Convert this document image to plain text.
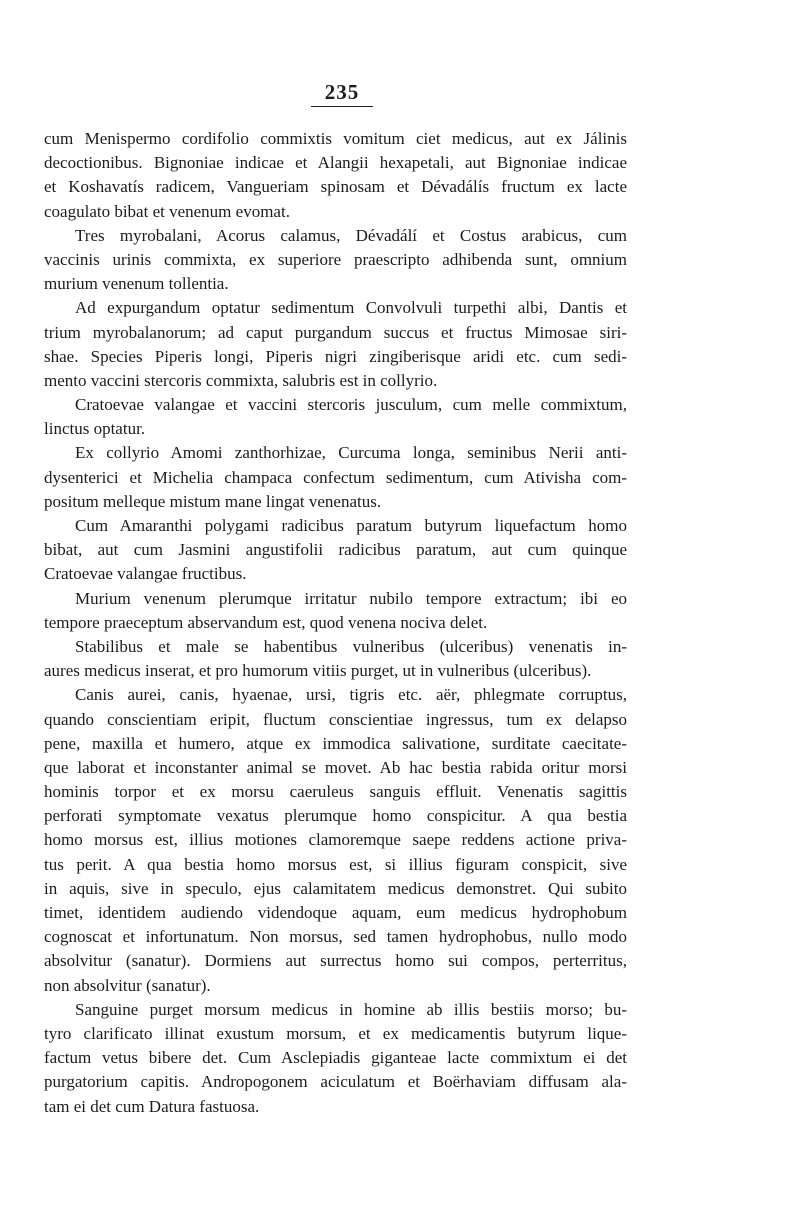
235
cum Menispermo cordifolio commixtis vomitum ciet medicus, aut ex Jálinis
decoctionibus. Bignoniae indicae et Alangii hexapetali, aut Bignoniae indicae
et Koshavatís radicem, Vangueriam spinosam et Dévadálís fructum ex lacte
coagulato bibat et venenum evomat.
Tres myrobalani, Acorus calamus, Dévadálí et Costus arabicus, cum
vaccinis urinis commixta, ex superiore praescripto adhibenda sunt, omnium
murium venenum tollentia.
Ad expurgandum optatur sedimentum Convolvuli turpethi albi, Dantis et
trium myrobalanorum; ad caput purgandum succus et fructus Mimosae siri-
shae. Species Piperis longi, Piperis nigri zingiberisque aridi etc. cum sedi-
mento vaccini stercoris commixta, salubris est in collyrio.
Cratoevae valangae et vaccini stercoris jusculum, cum melle commixtum,
linctus optatur.
Ex collyrio Amomi zanthorhizae, Curcuma longa, seminibus Nerii anti-
dysenterici et Michelia champaca confectum sedimentum, cum Ativisha com-
positum melleque mistum mane lingat venenatus.
Cum Amaranthi polygami radicibus paratum butyrum liquefactum homo
bibat, aut cum Jasmini angustifolii radicibus paratum, aut cum quinque
Cratoevae valangae fructibus.
Murium venenum plerumque irritatur nubilo tempore extractum; ibi eo
tempore praeceptum abservandum est, quod venena nociva delet.
Stabilibus et male se habentibus vulneribus (ulceribus) venenatis in-
aures medicus inserat, et pro humorum vitiis purget, ut in vulneribus (ulceribus).
Canis aurei, canis, hyaenae, ursi, tigris etc. aër, phlegmate corruptus,
quando conscientiam eripit, fluctum conscientiae ingressus, tum ex delapso
pene, maxilla et humero, atque ex immodica salivatione, surditate caecitate-
que laborat et inconstanter animal se movet. Ab hac bestia rabida oritur morsi
hominis torpor et ex morsu caeruleus sanguis effluit. Venenatis sagittis
perforati symptomate vexatus plerumque homo conspicitur. A qua bestia
homo morsus est, illius motiones clamoremque saepe reddens actione priva-
tus perit. A qua bestia homo morsus est, si illius figuram conspicit, sive
in aquis, sive in speculo, ejus calamitatem medicus demonstret. Qui subito
timet, identidem audiendo videndoque aquam, eum medicus hydrophobum
cognoscat et infortunatum. Non morsus, sed tamen hydrophobus, nullo modo
absolvitur (sanatur). Dormiens aut surrectus homo sui compos, perterritus,
non absolvitur (sanatur).
Sanguine purget morsum medicus in homine ab illis bestiis morso; bu-
tyro clarificato illinat exustum morsum, et ex medicamentis butyrum lique-
factum vetus bibere det. Cum Asclepiadis giganteae lacte commixtum ei det
purgatorium capitis. Andropogonem aciculatum et Boërhaviam diffusam ala-
tam ei det cum Datura fastuosa.
